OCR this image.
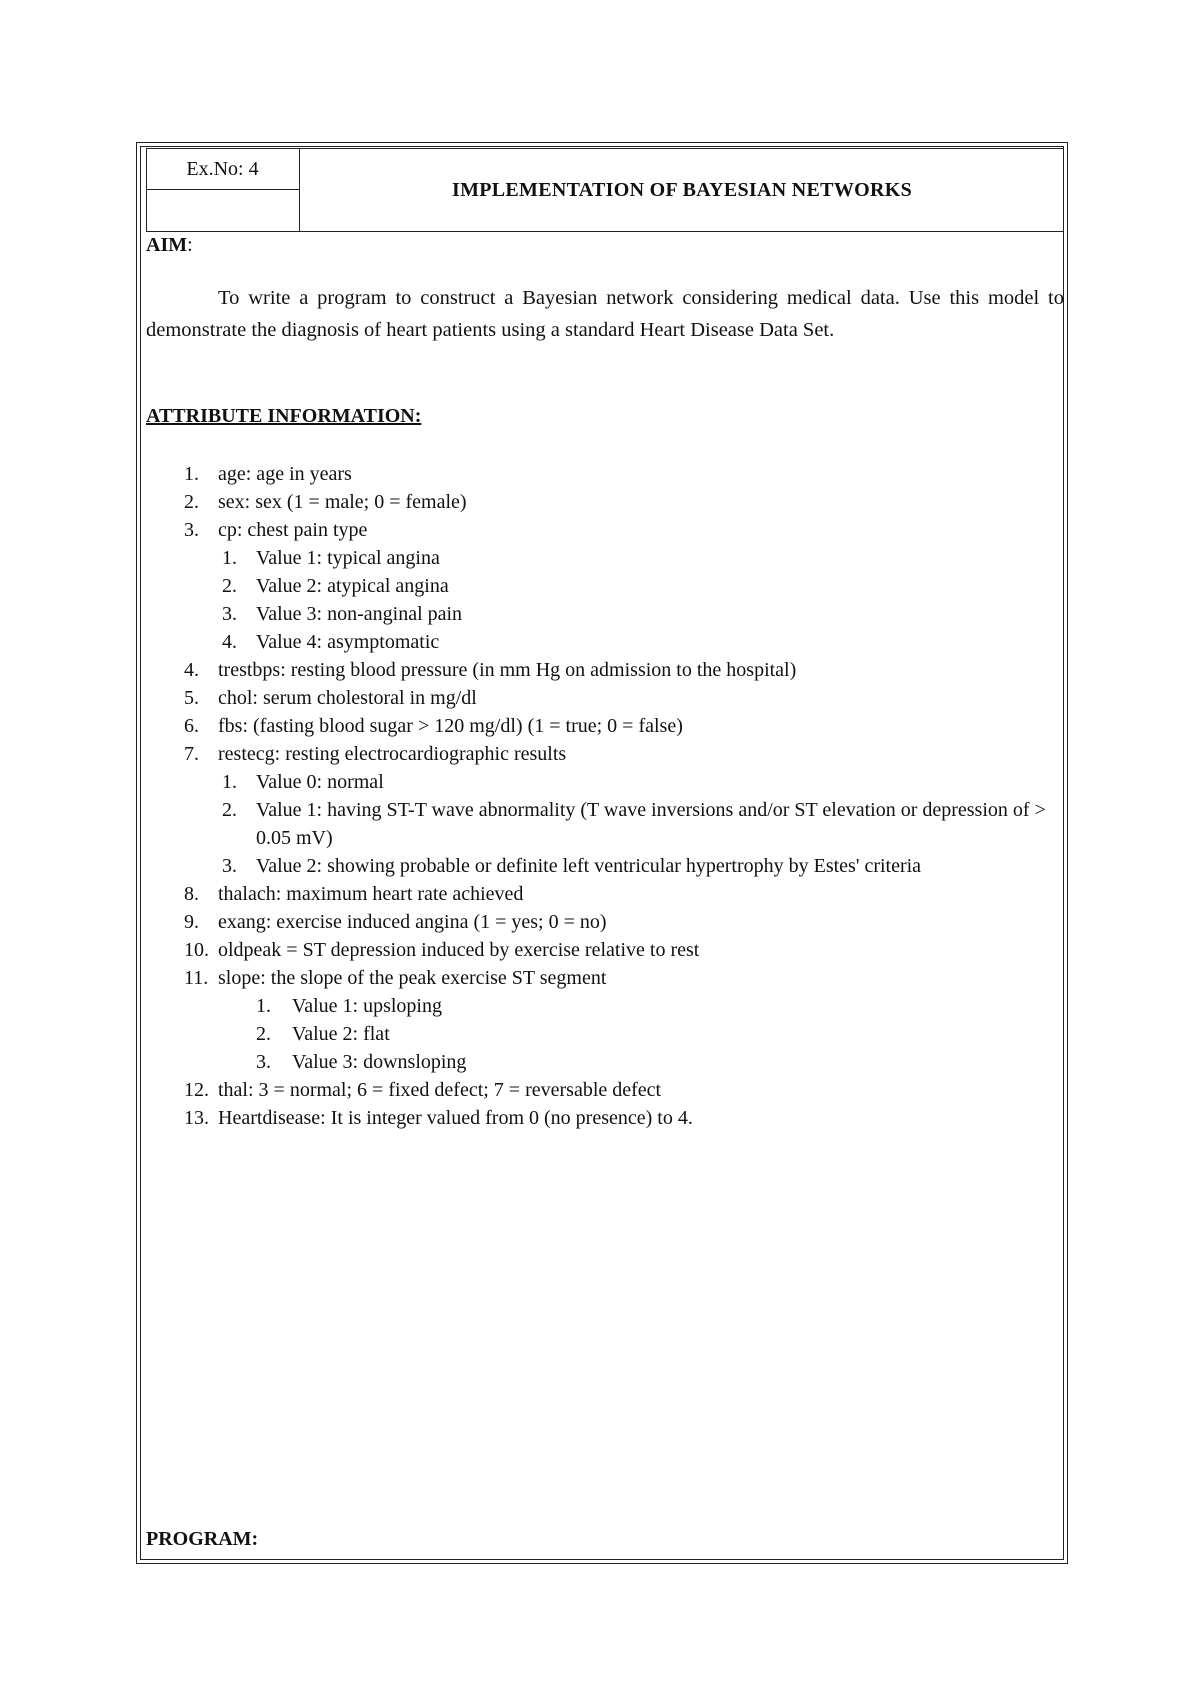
Ex.No: 4
IMPLEMENTATION OF BAYESIAN NETWORKS
AIM:

To write a program to construct a Bayesian network considering medical data. Use this model to demonstrate the diagnosis of heart patients using a standard Heart Disease Data Set.

ATTRIBUTE INFORMATION:
1. age: age in years
2. sex: sex (1 = male; 0 = female)
3. cp: chest pain type
1. Value 1: typical angina
2. Value 2: atypical angina
3. Value 3: non-anginal pain
4. Value 4: asymptomatic
4. trestbps: resting blood pressure (in mm Hg on admission to the hospital)
5. chol: serum cholestoral in mg/dl
6. fbs: (fasting blood sugar > 120 mg/dl) (1 = true; 0 = false)
7. restecg: resting electrocardiographic results
1. Value 0: normal
2. Value 1: having ST-T wave abnormality (T wave inversions and/or ST elevation or depression of > 0.05 mV)
3. Value 2: showing probable or definite left ventricular hypertrophy by Estes' criteria
8. thalach: maximum heart rate achieved
9. exang: exercise induced angina (1 = yes; 0 = no)
10. oldpeak = ST depression induced by exercise relative to rest
11. slope: the slope of the peak exercise ST segment
1.	Value 1: upsloping
2.	Value 2: flat
3.	Value 3: downsloping
12. thal: 3 = normal; 6 = fixed defect; 7 = reversable defect
13. Heartdisease: It is integer valued from 0 (no presence) to 4.
PROGRAM:
